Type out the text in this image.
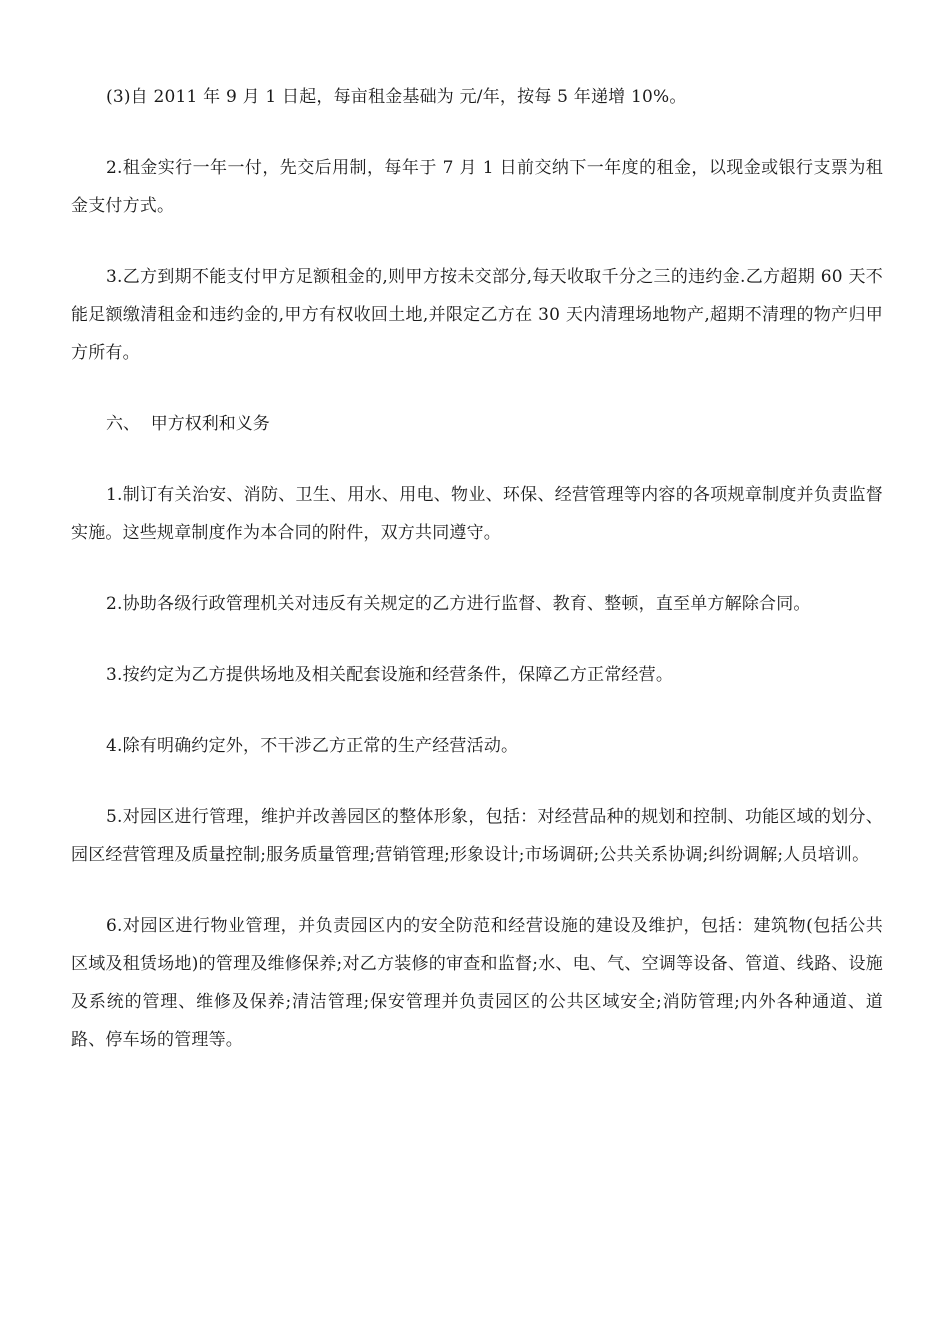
(3)自 2011 年 9 月 1 日起，每亩租金基础为 元/年，按每 5 年递增 10%。

2.租金实行一年一付，先交后用制，每年于 7 月 1 日前交纳下一年度的租金，以现金或银行支票为租金支付方式。

3.乙方到期不能支付甲方足额租金的,则甲方按未交部分,每天收取千分之三的违约金.乙方超期 60 天不能足额缴清租金和违约金的,甲方有权收回土地,并限定乙方在 30 天内清理场地物产,超期不清理的物产归甲方所有。

六、  甲方权利和义务

1.制订有关治安、消防、卫生、用水、用电、物业、环保、经营管理等内容的各项规章制度并负责监督实施。这些规章制度作为本合同的附件，双方共同遵守。

2.协助各级行政管理机关对违反有关规定的乙方进行监督、教育、整顿，直至单方解除合同。

3.按约定为乙方提供场地及相关配套设施和经营条件，保障乙方正常经营。

4.除有明确约定外，不干涉乙方正常的生产经营活动。

5.对园区进行管理，维护并改善园区的整体形象，包括：对经营品种的规划和控制、功能区域的划分、园区经营管理及质量控制;服务质量管理;营销管理;形象设计;市场调研;公共关系协调;纠纷调解;人员培训。

6.对园区进行物业管理，并负责园区内的安全防范和经营设施的建设及维护，包括：建筑物(包括公共区域及租赁场地)的管理及维修保养;对乙方装修的审查和监督;水、电、气、空调等设备、管道、线路、设施及系统的管理、维修及保养;清洁管理;保安管理并负责园区的公共区域安全;消防管理;内外各种通道、道路、停车场的管理等。
